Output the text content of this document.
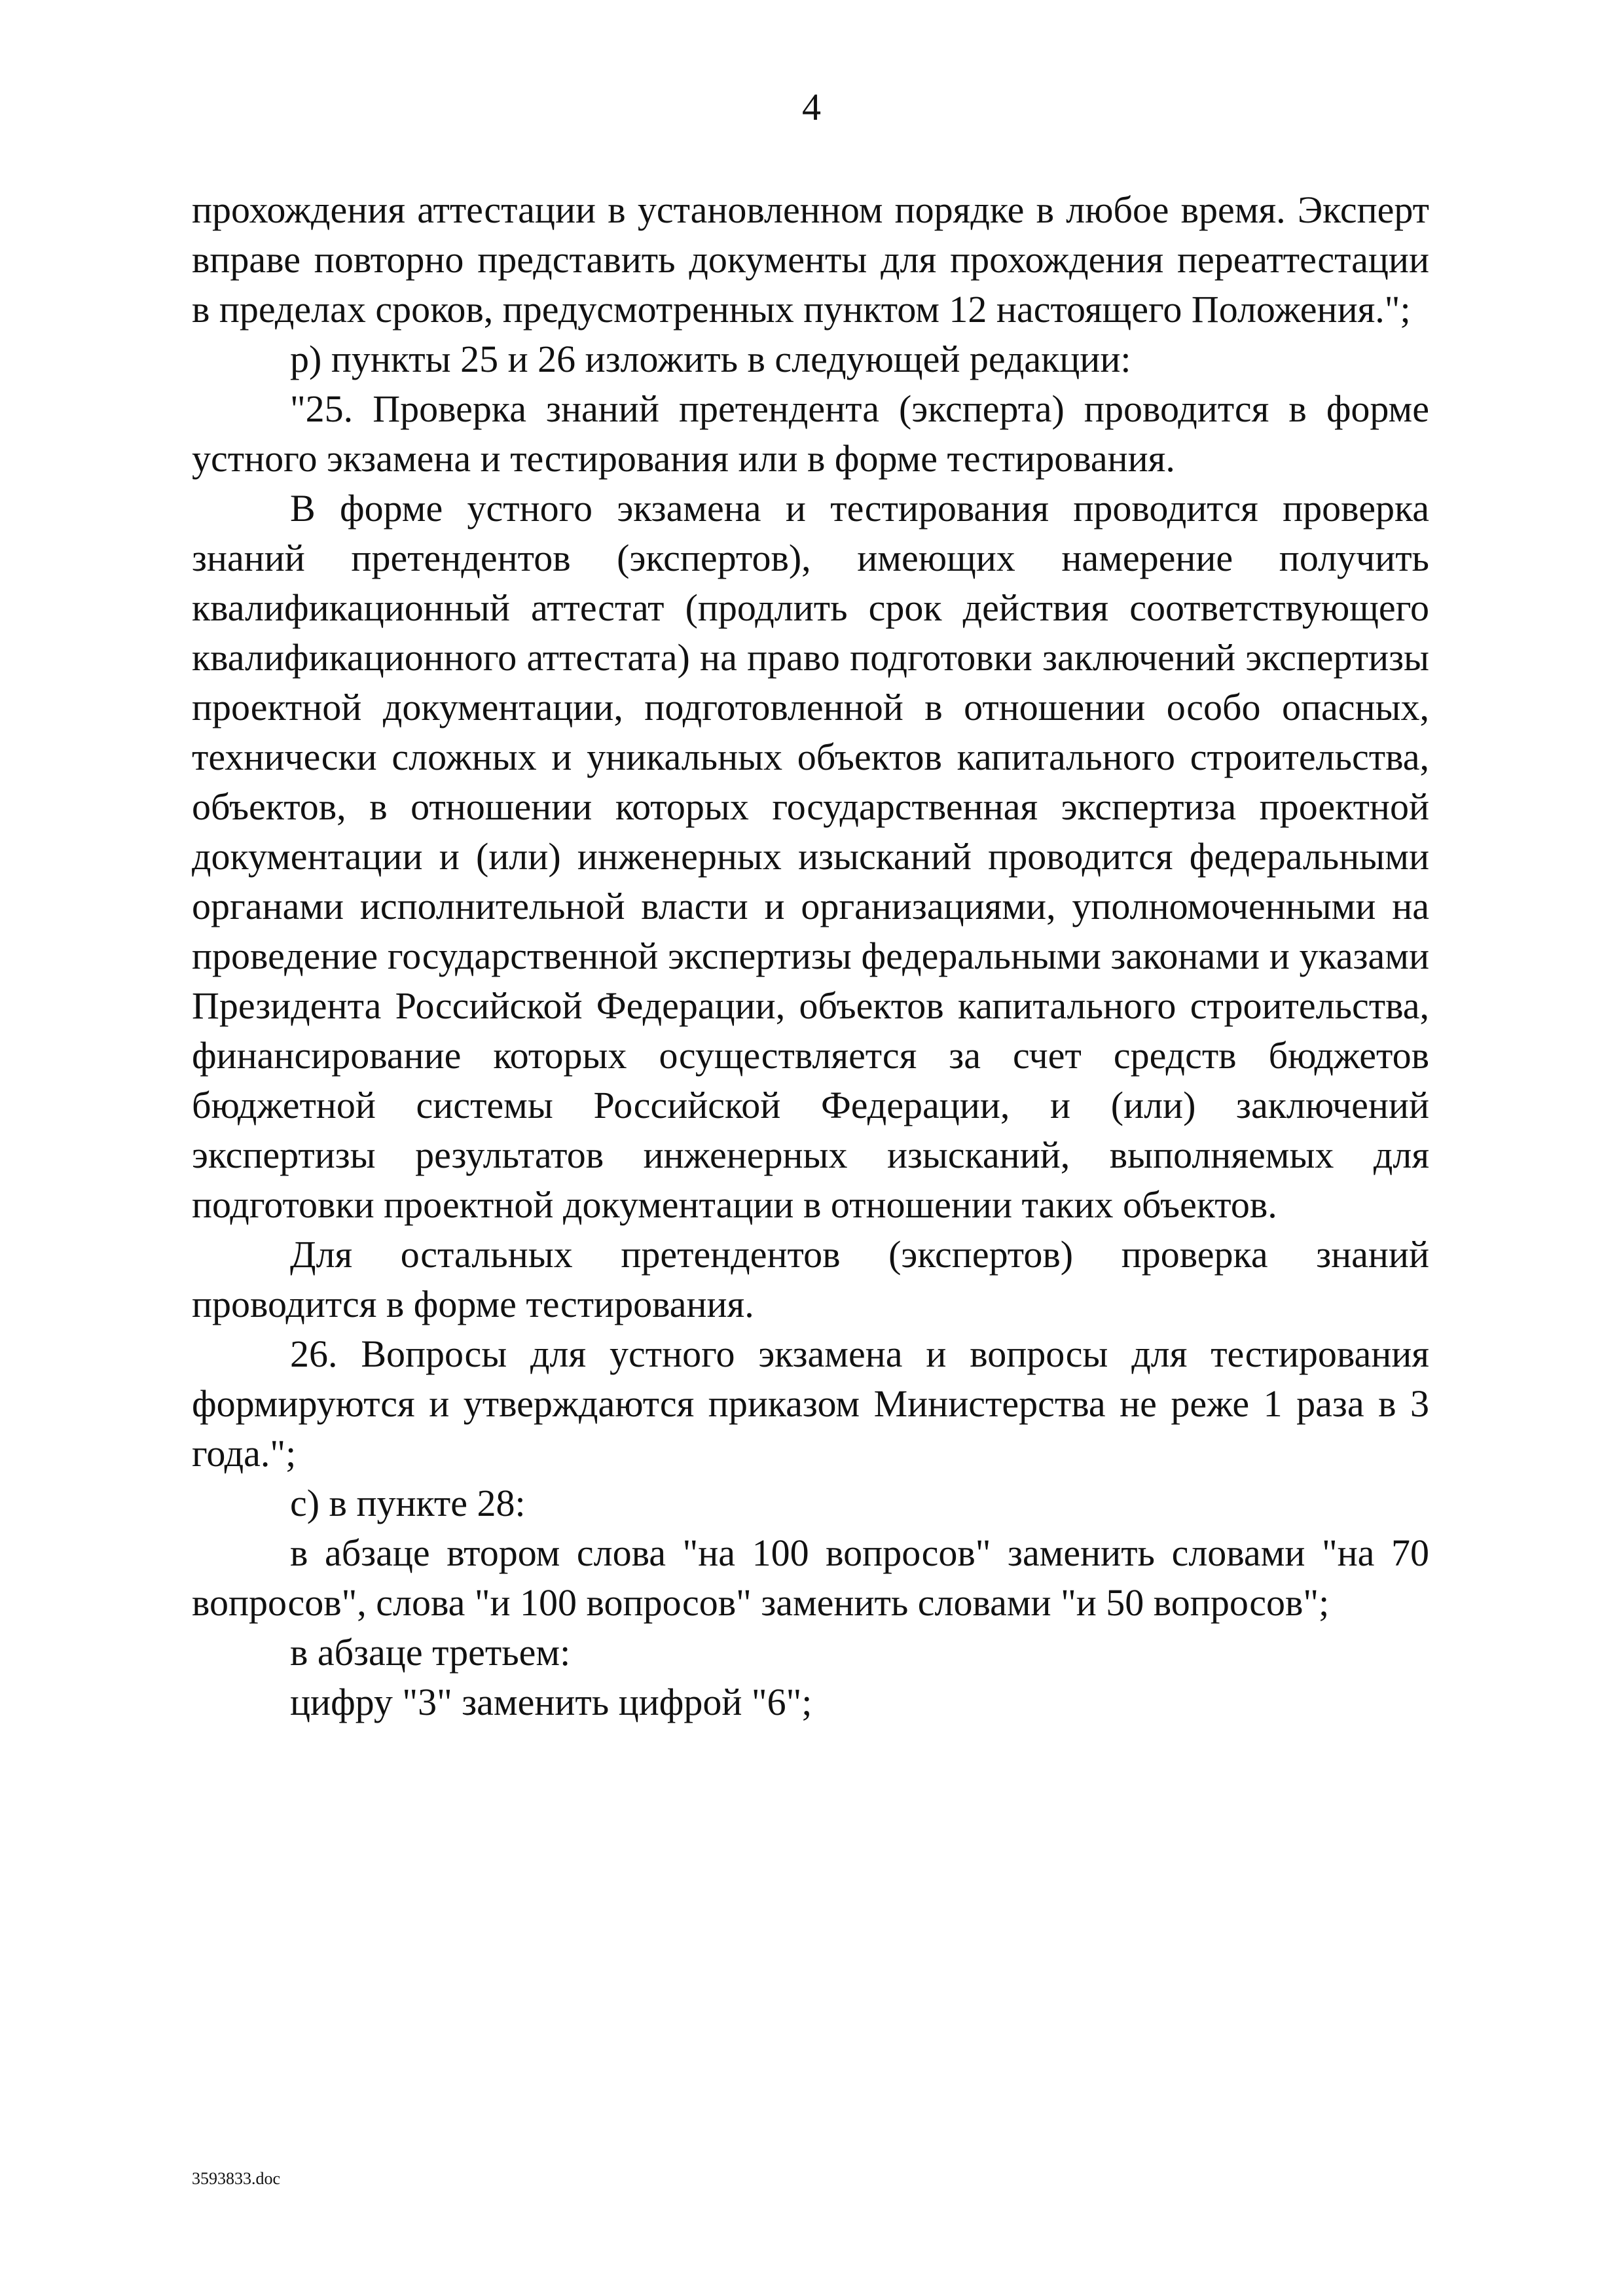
4

прохождения аттестации в установленном порядке в любое время. Эксперт вправе повторно представить документы для прохождения переаттестации в пределах сроков, предусмотренных пунктом 12 настоящего Положения.";

р) пункты 25 и 26 изложить в следующей редакции:

"25. Проверка знаний претендента (эксперта) проводится в форме устного экзамена и тестирования или в форме тестирования.

В форме устного экзамена и тестирования проводится проверка знаний претендентов (экспертов), имеющих намерение получить квалификационный аттестат (продлить срок действия соответствующего квалификационного аттестата) на право подготовки заключений экспертизы проектной документации, подготовленной в отношении особо опасных, технически сложных и уникальных объектов капитального строительства, объектов, в отношении которых государственная экспертиза проектной документации и (или) инженерных изысканий проводится федеральными органами исполнительной власти и организациями, уполномоченными на проведение государственной экспертизы федеральными законами и указами Президента Российской Федерации, объектов капитального строительства, финансирование которых осуществляется за счет средств бюджетов бюджетной системы Российской Федерации, и (или) заключений экспертизы результатов инженерных изысканий, выполняемых для подготовки проектной документации в отношении таких объектов.

Для остальных претендентов (экспертов) проверка знаний проводится в форме тестирования.

26. Вопросы для устного экзамена и вопросы для тестирования формируются и утверждаются приказом Министерства не реже 1 раза в 3 года.";

с) в пункте 28:

в абзаце втором слова "на 100 вопросов" заменить словами "на 70 вопросов", слова "и 100 вопросов" заменить словами "и 50 вопросов";

в абзаце третьем:

цифру "3" заменить цифрой "6";

3593833.doc
